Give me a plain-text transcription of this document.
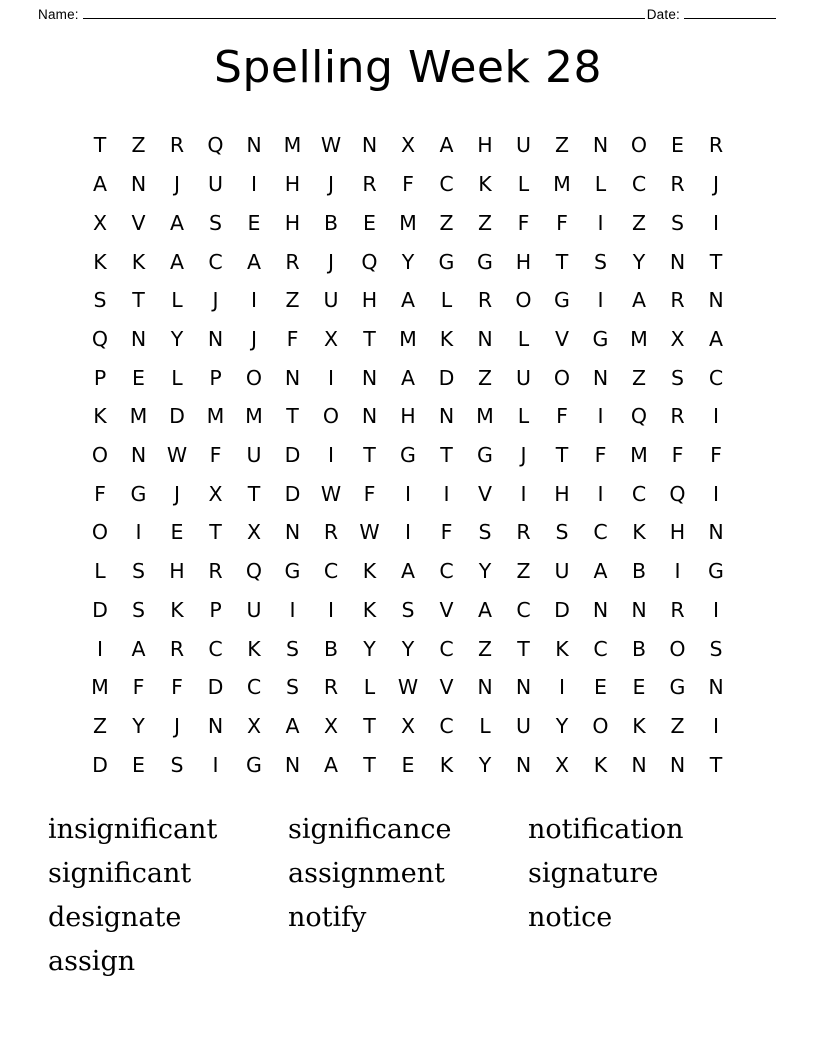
Name:	Date:
Spelling Week 28
T	Z	R	Q	N	M	W	N	X	A	H	U	Z	N	O	E	R
A	N	J	U	I	H	J	R	F	C	K	L	M	L	C	R	J
X	V	A	S	E	H	B	E	M	Z	Z	F	F	I	Z	S	I
K	K	A	C	A	R	J	Q	Y	G	G	H	T	S	Y	N	T
S	T	L	J	I	Z	U	H	A	L	R	O	G	I	A	R	N
Q	N	Y	N	J	F	X	T	M	K	N	L	V	G	M	X	A
P	E	L	P	O	N	I	N	A	D	Z	U	O	N	Z	S	C
K	M	D	M	M	T	O	N	H	N	M	L	F	I	Q	R	I
O	N	W	F	U	D	I	T	G	T	G	J	T	F	M	F	F
F	G	J	X	T	D	W	F	I	I	V	I	H	I	C	Q	I
O	I	E	T	X	N	R	W	I	F	S	R	S	C	K	H	N
L	S	H	R	Q	G	C	K	A	C	Y	Z	U	A	B	I	G
D	S	K	P	U	I	I	K	S	V	A	C	D	N	N	R	I
I	A	R	C	K	S	B	Y	Y	C	Z	T	K	C	B	O	S
M	F	F	D	C	S	R	L	W	V	N	N	I	E	E	G	N
Z	Y	J	N	X	A	X	T	X	C	L	U	Y	O	K	Z	I
D	E	S	I	G	N	A	T	E	K	Y	N	X	K	N	N	T
insignificant
significant
designate
assign
significance
assignment
notify
notification
signature
notice
